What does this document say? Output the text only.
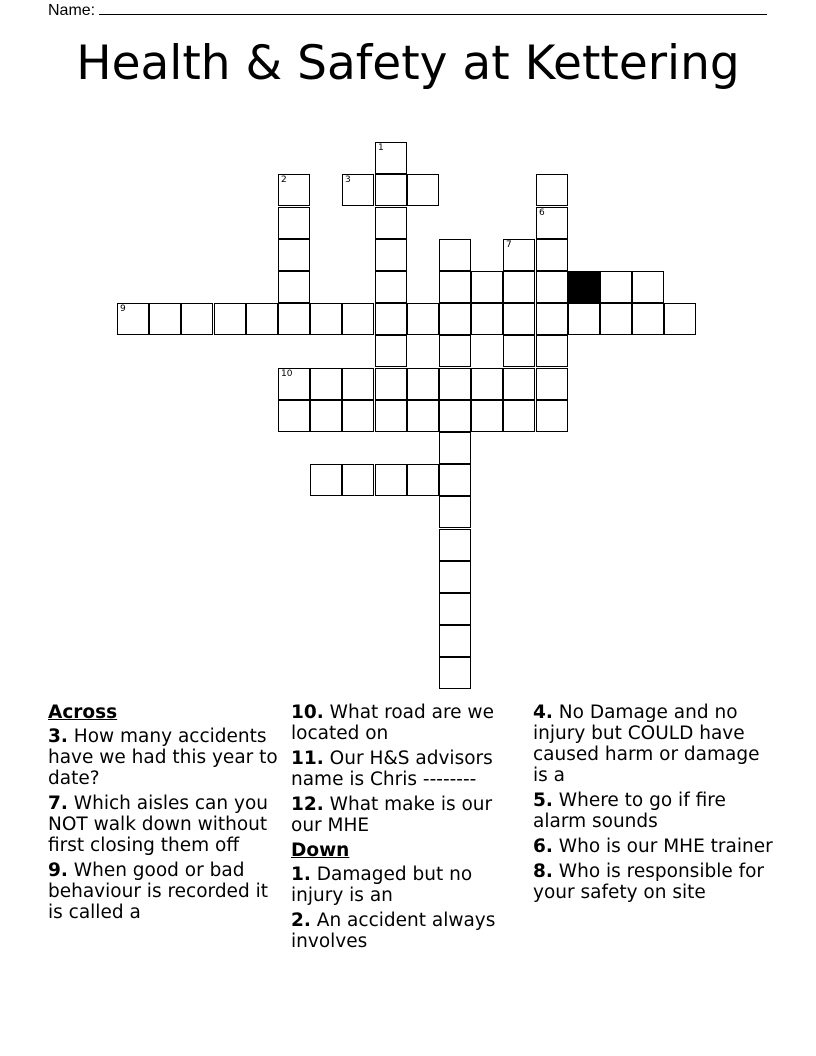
Name:
Health & Safety at Kettering
1
2	3
6
7
9
10
Across
3. How many accidents have we had this year to date?
7. Which aisles can you NOT walk down without first closing them off
9. When good or bad behaviour is recorded it is called a
10. What road are we located on
11. Our H&S advisors name is Chris --------
12. What make is our our MHE
Down
1. Damaged but no injury is an
2. An accident always involves
4. No Damage and no injury but COULD have caused harm or damage is a
5. Where to go if fire alarm sounds
6. Who is our MHE trainer
8. Who is responsible for your safety on site
